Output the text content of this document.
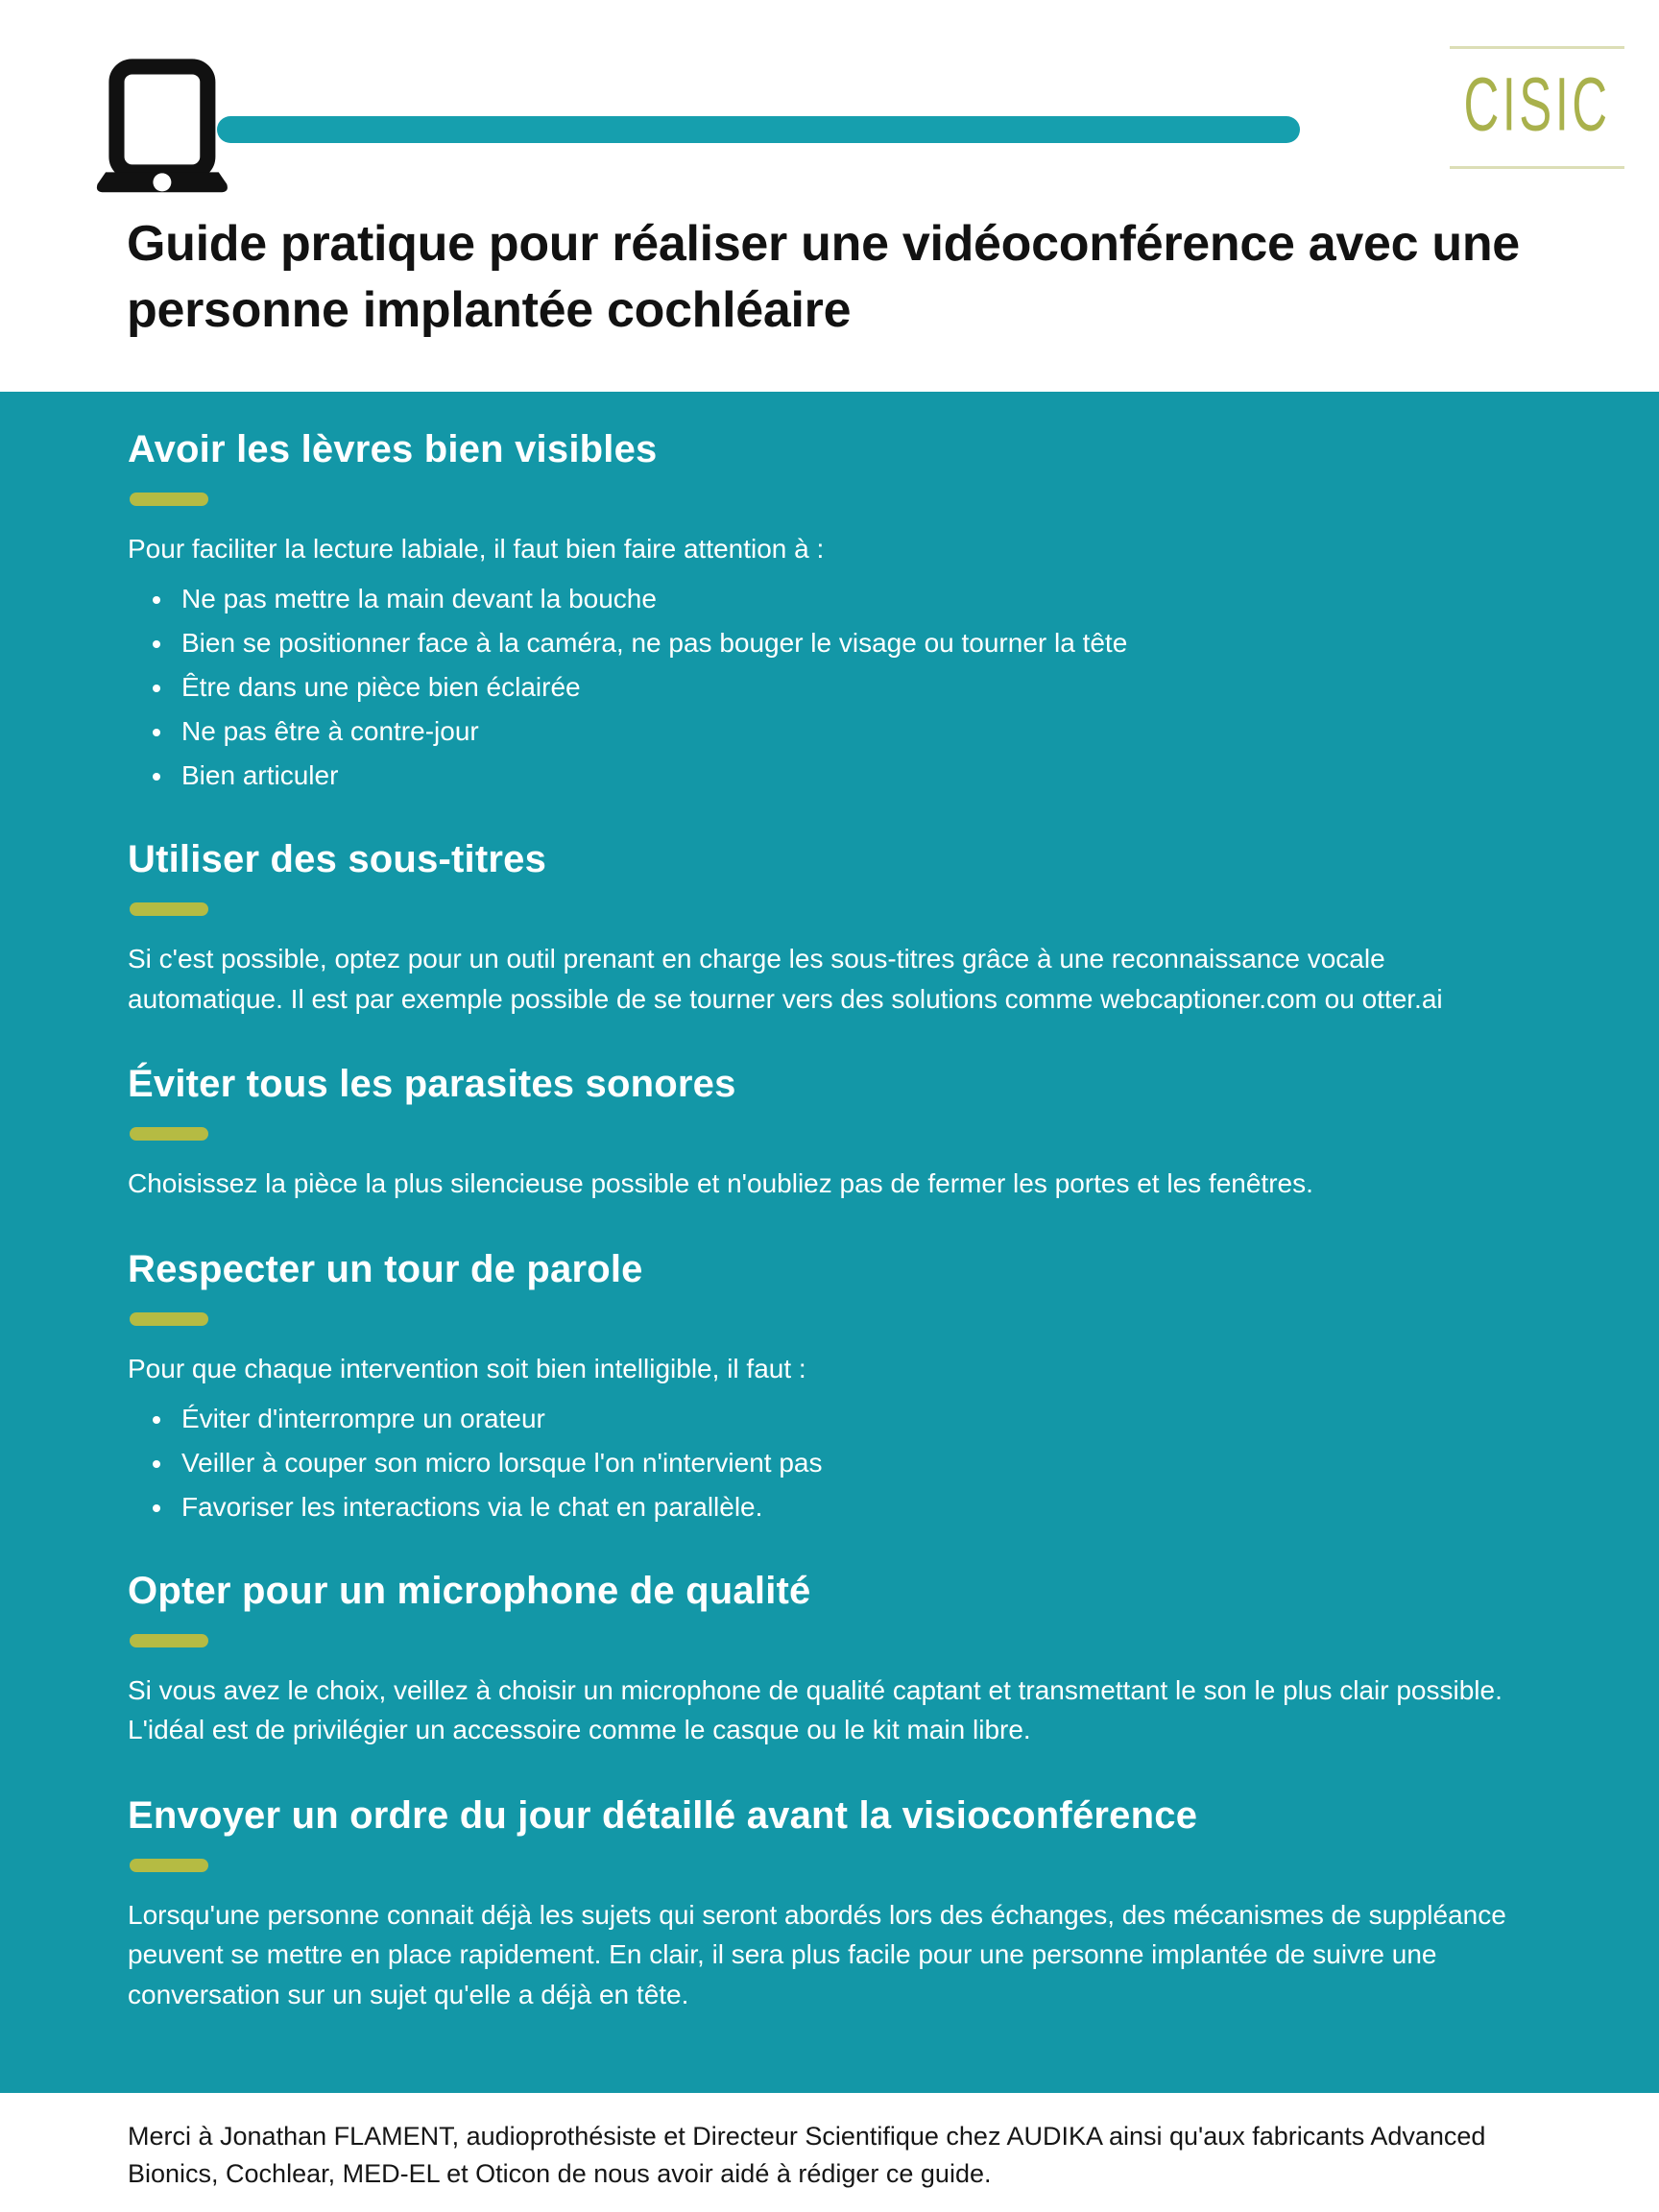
CISIC
Guide pratique pour réaliser une vidéoconférence avec une personne implantée cochléaire
Avoir les lèvres bien visibles

Pour faciliter la lecture labiale, il faut bien faire attention à :

Ne pas mettre la main devant la bouche
Bien se positionner face à la caméra, ne pas bouger le visage ou tourner la tête
Être dans une pièce bien éclairée
Ne pas être à contre-jour
Bien articuler
Utiliser des sous-titres

Si c'est possible, optez pour un outil prenant en charge les sous-titres grâce à une reconnaissance vocale automatique. Il est par exemple possible de se tourner vers des solutions comme webcaptioner.com ou otter.ai

Éviter tous les parasites sonores

Choisissez la pièce la plus silencieuse possible et n'oubliez pas de fermer les portes et les fenêtres.

Respecter un tour de parole

Pour que chaque intervention soit bien intelligible, il faut :

Éviter d'interrompre un orateur
Veiller à couper son micro lorsque l'on n'intervient pas
Favoriser les interactions via le chat en parallèle.
Opter pour un microphone de qualité

Si vous avez le choix, veillez à choisir un microphone de qualité captant et transmettant le son le plus clair possible. L'idéal est de privilégier un accessoire comme le casque ou le kit main libre.

Envoyer un ordre du jour détaillé avant la visioconférence

Lorsqu'une personne connait déjà les sujets qui seront abordés lors des échanges, des mécanismes de suppléance peuvent se mettre en place rapidement. En clair, il sera plus facile pour une personne implantée de suivre une conversation sur un sujet qu'elle a déjà en tête.

Merci à Jonathan FLAMENT, audioprothésiste et Directeur Scientifique chez AUDIKA ainsi qu'aux fabricants Advanced Bionics, Cochlear, MED-EL et Oticon de nous avoir aidé à rédiger ce guide.
